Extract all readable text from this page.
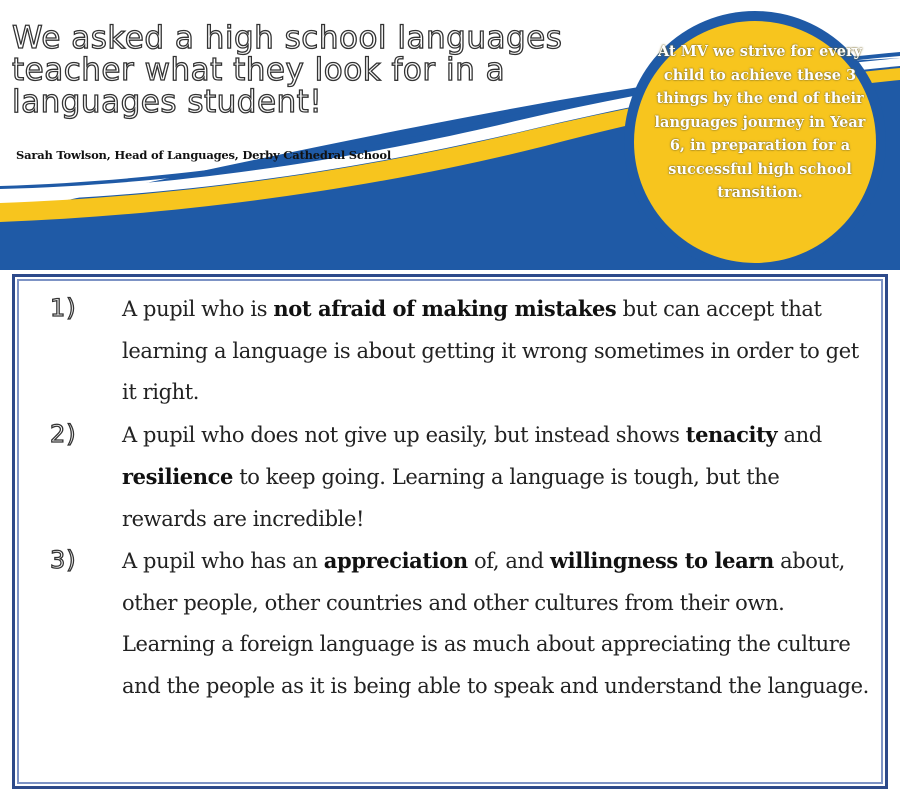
We asked a high school languages
teacher what they look for in a
languages student!
Sarah Towlson, Head of Languages, Derby Cathedral School
At MV we strive for every child to achieve these 3 things by the end of their languages journey in Year 6, in preparation for a successful high school transition.
1)	A pupil who is not afraid of making mistakes but can accept that learning a language is about getting it wrong sometimes in order to get it right.
2)	A pupil who does not give up easily, but instead shows tenacity and resilience to keep going. Learning a language is tough, but the rewards are incredible!
3)	A pupil who has an appreciation of, and willingness to learn about, other people, other countries and other cultures from their own. Learning a foreign language is as much about appreciating the culture and the people as it is being able to speak and understand the language.
